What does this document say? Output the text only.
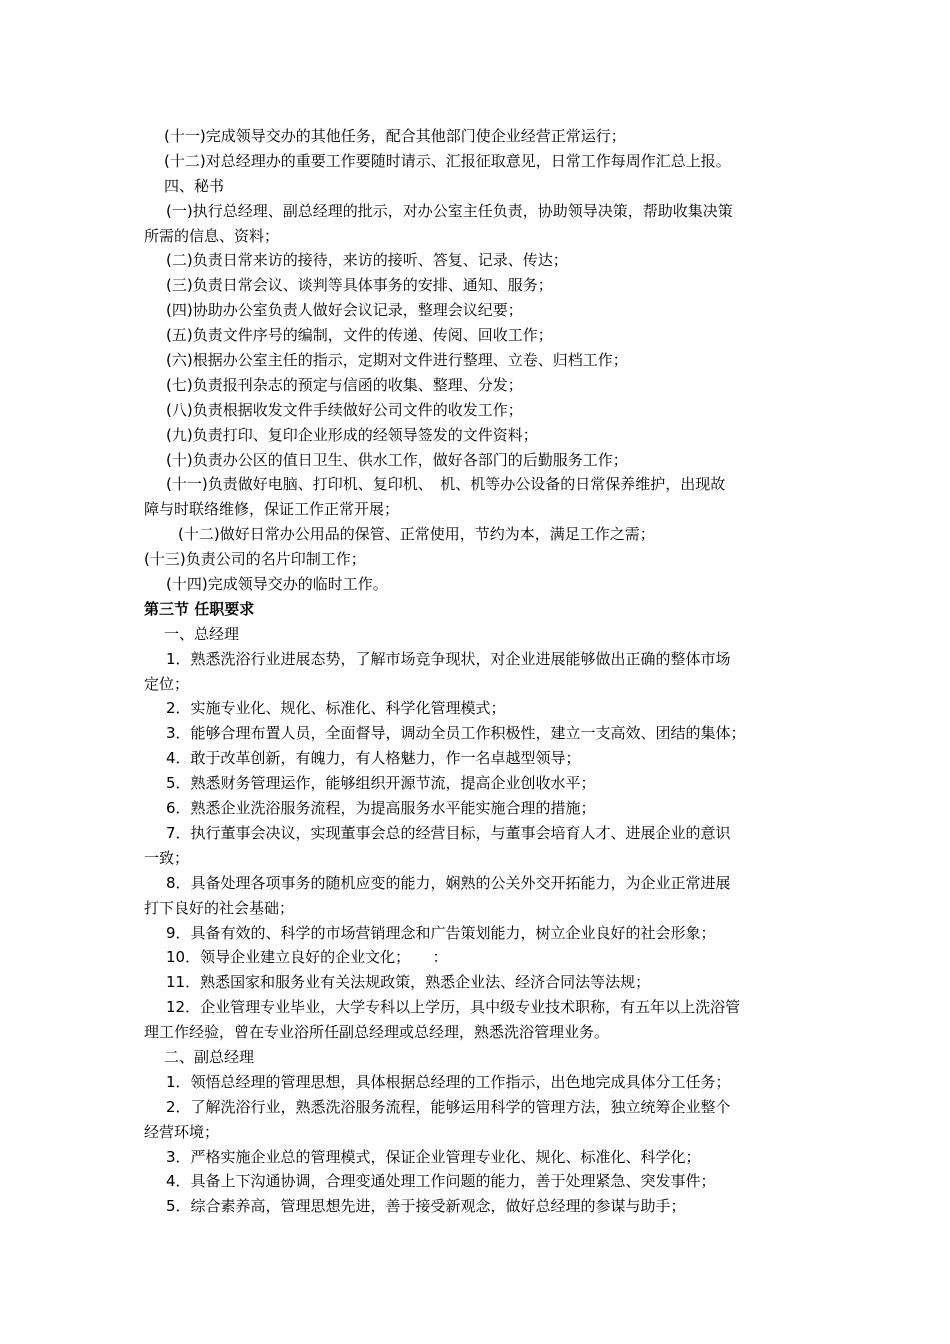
(十一)完成领导交办的其他任务，配合其他部门使企业经营正常运行；
(十二)对总经理办的重要工作要随时请示、汇报征取意见，日常工作每周作汇总上报。
四、秘书
(一)执行总经理、副总经理的批示，对办公室主任负责，协助领导决策，帮助收集决策
所需的信息、资料；
(二)负责日常来访的接待，来访的接听、答复、记录、传达；
(三)负责日常会议、谈判等具体事务的安排、通知、服务；
(四)协助办公室负责人做好会议记录，整理会议纪要；
(五)负责文件序号的编制，文件的传递、传阅、回收工作；
(六)根据办公室主任的指示，定期对文件进行整理、立卷、归档工作；
(七)负责报刊杂志的预定与信函的收集、整理、分发；
(八)负责根据收发文件手续做好公司文件的收发工作；
(九)负责打印、复印企业形成的经领导签发的文件资料；
(十)负责办公区的值日卫生、供水工作，做好各部门的后勤服务工作；
(十一)负责做好电脑、打印机、复印机、　机、机等办公设备的日常保养维护，出现故
障与时联络维修，保证工作正常开展；
(十二)做好日常办公用品的保管、正常使用，节约为本，满足工作之需；
(十三)负责公司的名片印制工作；
(十四)完成领导交办的临时工作。
第三节 任职要求
一、总经理
1．熟悉洗浴行业进展态势，了解市场竞争现状，对企业进展能够做出正确的整体市场
定位；
2．实施专业化、规化、标准化、科学化管理模式；
3．能够合理布置人员，全面督导，调动全员工作积极性，建立一支高效、团结的集体；
4．敢于改革创新，有魄力，有人格魅力，作一名卓越型领导；
5．熟悉财务管理运作，能够组织开源节流，提高企业创收水平；
6．熟悉企业洗浴服务流程，为提高服务水平能实施合理的措施；
7．执行董事会决议，实现董事会总的经营目标，与董事会培育人才、进展企业的意识
一致；
8．具备处理各项事务的随机应变的能力，娴熟的公关外交开拓能力，为企业正常进展
打下良好的社会基础；
9．具备有效的、科学的市场营销理念和广告策划能力，树立企业良好的社会形象；
10．领导企业建立良好的企业文化；　　：
11．熟悉国家和服务业有关法规政策，熟悉企业法、经济合同法等法规；
12．企业管理专业毕业，大学专科以上学历，具中级专业技术职称，有五年以上洗浴管
理工作经验，曾在专业浴所任副总经理或总经理，熟悉洗浴管理业务。
二、副总经理
1．领悟总经理的管理思想，具体根据总经理的工作指示，出色地完成具体分工任务；
2．了解洗浴行业，熟悉洗浴服务流程，能够运用科学的管理方法，独立统筹企业整个
经营环境；
3．严格实施企业总的管理模式，保证企业管理专业化、规化、标准化、科学化；
4．具备上下沟通协调，合理变通处理工作问题的能力，善于处理紧急、突发事件；
5．综合素养高，管理思想先进，善于接受新观念，做好总经理的参谋与助手；
